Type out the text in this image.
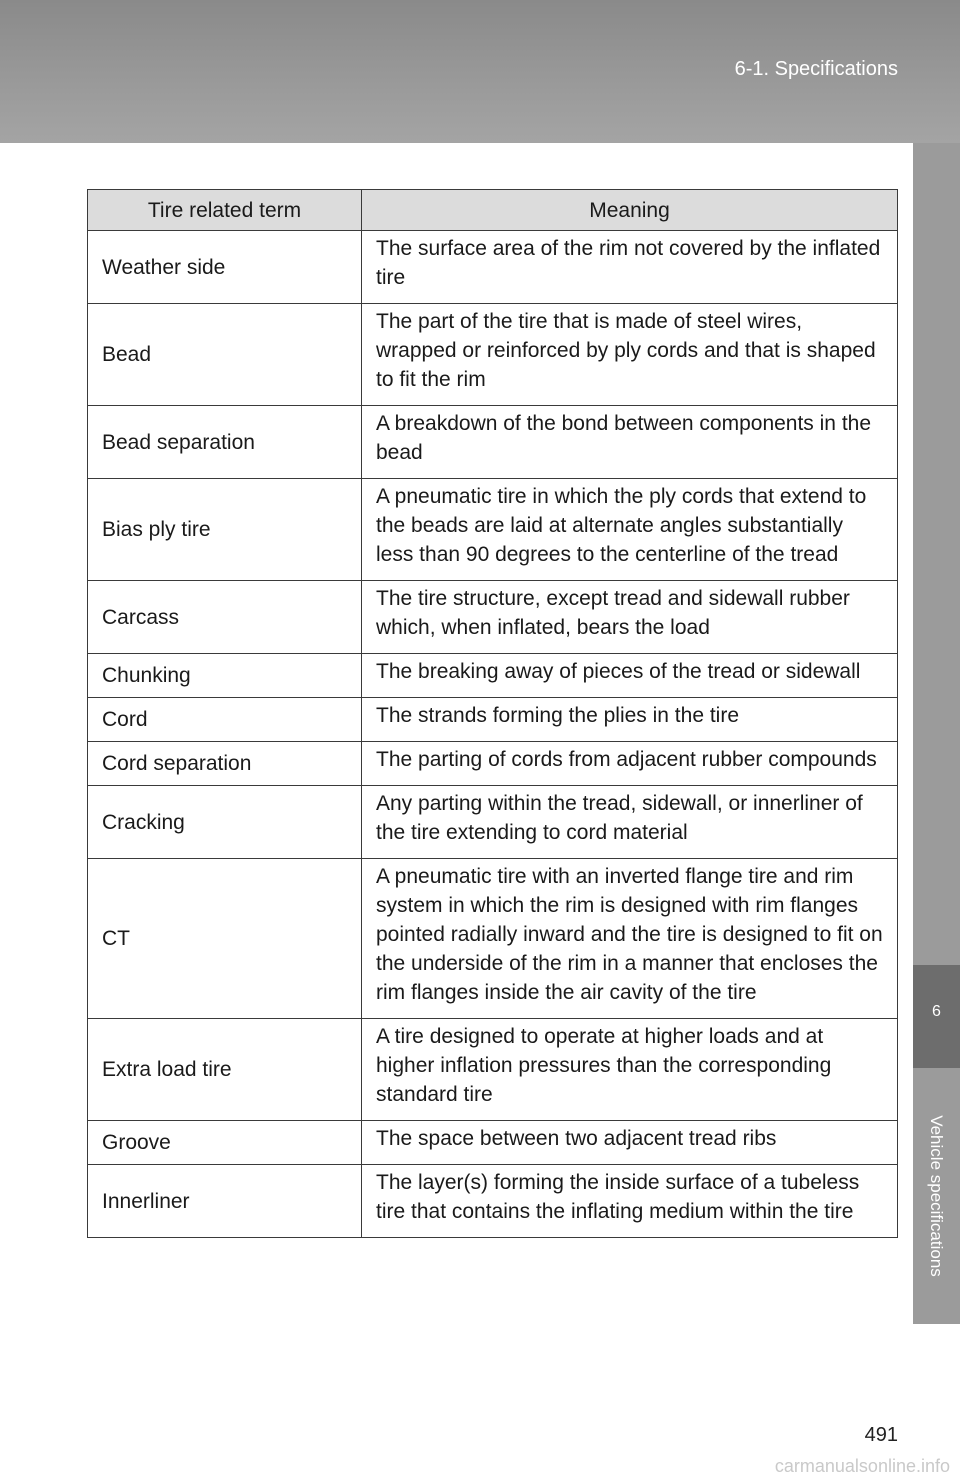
6-1. Specifications
6
Vehicle specifications
Tire related term	Meaning
Weather side	The surface area of the rim not covered by the inflated tire
Bead	The part of the tire that is made of steel wires, wrapped or reinforced by ply cords and that is shaped to fit the rim
Bead separation	A breakdown of the bond between components in the bead
Bias ply tire	A pneumatic tire in which the ply cords that extend to the beads are laid at alternate angles substantially less than 90 degrees to the centerline of the tread
Carcass	The tire structure, except tread and sidewall rubber which, when inflated, bears the load
Chunking	The breaking away of pieces of the tread or sidewall
Cord	The strands forming the plies in the tire
Cord separation	The parting of cords from adjacent rubber compounds
Cracking	Any parting within the tread, sidewall, or innerliner of the tire extending to cord material
CT	A pneumatic tire with an inverted flange tire and rim system in which the rim is designed with rim flanges pointed radially inward and the tire is designed to fit on the underside of the rim in a manner that encloses the rim flanges inside the air cavity of the tire
Extra load tire	A tire designed to operate at higher loads and at higher inflation pressures than the corresponding standard tire
Groove	The space between two adjacent tread ribs
Innerliner	The layer(s) forming the inside surface of a tubeless tire that contains the inflating medium within the tire
491
carmanualsonline.info
